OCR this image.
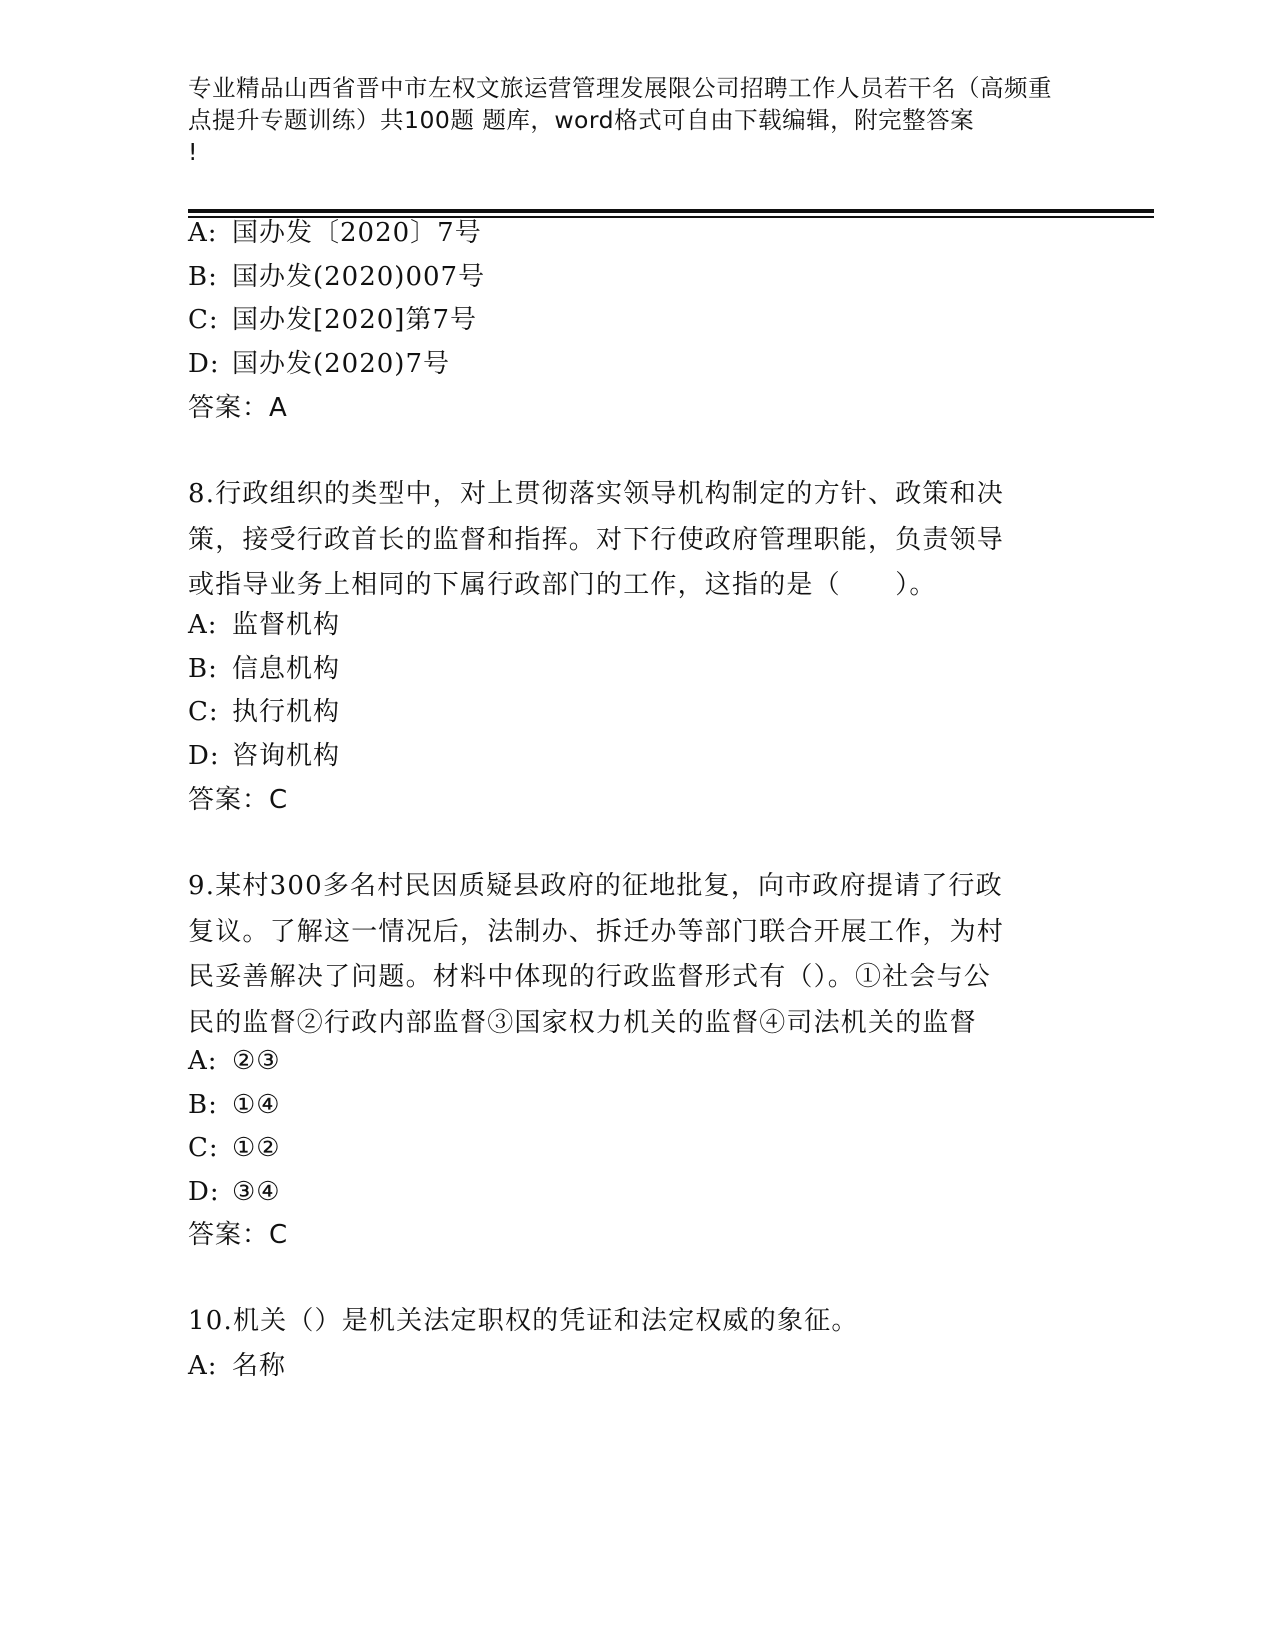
专业精品山西省晋中市左权文旅运营管理发展限公司招聘工作人员若干名（高频重
点提升专题训练）共100题 题库，word格式可自由下载编辑，附完整答案
!
A: 国办发〔2020〕7号
B: 国办发(2020)007号
C: 国办发[2020]第7号
D: 国办发(2020)7号
答案：A
8.行政组织的类型中，对上贯彻落实领导机构制定的方针、政策和决
策，接受行政首长的监督和指挥。对下行使政府管理职能，负责领导
或指导业务上相同的下属行政部门的工作，这指的是（　　）。
A: 监督机构
B: 信息机构
C: 执行机构
D: 咨询机构
答案：C
9.某村300多名村民因质疑县政府的征地批复，向市政府提请了行政
复议。了解这一情况后，法制办、拆迁办等部门联合开展工作，为村
民妥善解决了问题。材料中体现的行政监督形式有（）。①社会与公
民的监督②行政内部监督③国家权力机关的监督④司法机关的监督
A: ②③
B: ①④
C: ①②
D: ③④
答案：C
10.机关（）是机关法定职权的凭证和法定权威的象征。
A: 名称
